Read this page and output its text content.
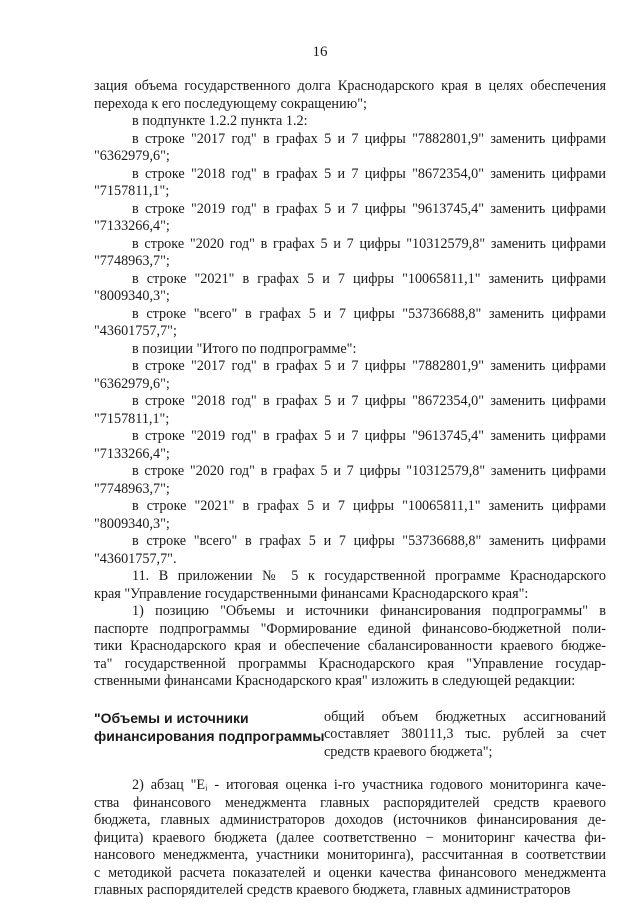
16
зация объема государственного долга Краснодарского края в целях обеспечения
перехода к его последующему сокращению";
в подпункте 1.2.2 пункта 1.2:
в строке "2017 год" в графах 5 и 7 цифры "7882801,9" заменить цифрами
"6362979,6";
в строке "2018 год" в графах 5 и 7 цифры "8672354,0" заменить цифрами
"7157811,1";
в строке "2019 год" в графах 5 и 7 цифры "9613745,4" заменить цифрами
"7133266,4";
в строке "2020 год" в графах 5 и 7 цифры "10312579,8" заменить цифрами
"7748963,7";
в строке "2021" в графах 5 и 7 цифры "10065811,1" заменить цифрами
"8009340,3";
в строке "всего" в графах 5 и 7 цифры "53736688,8" заменить цифрами
"43601757,7";
в позиции "Итого по подпрограмме":
в строке "2017 год" в графах 5 и 7 цифры "7882801,9" заменить цифрами
"6362979,6";
в строке "2018 год" в графах 5 и 7 цифры "8672354,0" заменить цифрами
"7157811,1";
в строке "2019 год" в графах 5 и 7 цифры "9613745,4" заменить цифрами
"7133266,4";
в строке "2020 год" в графах 5 и 7 цифры "10312579,8" заменить цифрами
"7748963,7";
в строке "2021" в графах 5 и 7 цифры "10065811,1" заменить цифрами
"8009340,3";
в строке "всего" в графах 5 и 7 цифры "53736688,8" заменить цифрами
"43601757,7".
11. В приложении № 5 к государственной программе Краснодарского
края "Управление государственными финансами Краснодарского края":
1) позицию "Объемы и источники финансирования подпрограммы" в
паспорте подпрограммы "Формирование единой финансово-бюджетной поли-
тики Краснодарского края и обеспечение сбалансированности краевого бюдже-
та" государственной программы Краснодарского края "Управление государ-
ственными финансами Краснодарского края" изложить в следующей редакции:
"Объемы и источники
финансирования подпрограммы
общий объем бюджетных ассигнований
составляет 380111,3 тыс. рублей за счет
средств краевого бюджета";
2) абзац "Eᵢ - итоговая оценка i-го участника годового мониторинга каче-
ства финансового менеджмента главных распорядителей средств краевого
бюджета, главных администраторов доходов (источников финансирования де-
фицита) краевого бюджета (далее соответственно − мониторинг качества фи-
нансового менеджмента, участники мониторинга), рассчитанная в соответствии
с методикой расчета показателей и оценки качества финансового менеджмента
главных распорядителей средств краевого бюджета, главных администраторов
